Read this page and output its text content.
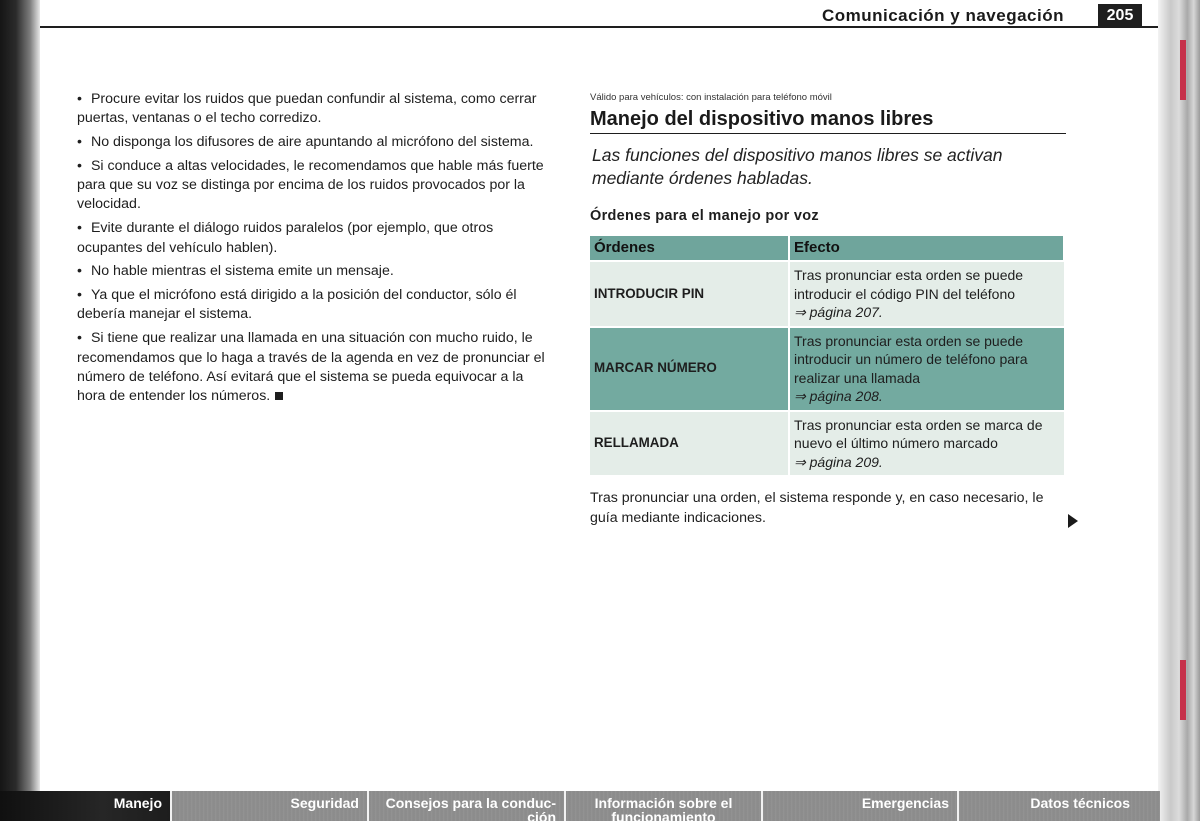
Comunicación y navegación	205

• Procure evitar los ruidos que puedan confundir al sistema, como cerrar puertas, ventanas o el techo corredizo.

• No disponga los difusores de aire apuntando al micrófono del sistema.

• Si conduce a altas velocidades, le recomendamos que hable más fuerte para que su voz se distinga por encima de los ruidos provocados por la velocidad.

• Evite durante el diálogo ruidos paralelos (por ejemplo, que otros ocupantes del vehículo hablen).

• No hable mientras el sistema emite un mensaje.

• Ya que el micrófono está dirigido a la posición del conductor, sólo él debería manejar el sistema.

• Si tiene que realizar una llamada en una situación con mucho ruido, le recomendamos que lo haga a través de la agenda en vez de pronunciar el número de teléfono. Así evitará que el sistema se pueda equivocar a la hora de entender los números.

Válido para vehículos: con instalación para teléfono móvil

Manejo del dispositivo manos libres

Las funciones del dispositivo manos libres se activan mediante órdenes habladas.

Órdenes para el manejo por voz
Órdenes	Efecto
INTRODUCIR PIN	Tras pronunciar esta orden se puede introducir el código PIN del teléfono
⇒ página 207.
MARCAR NÚMERO	Tras pronunciar esta orden se puede introducir un número de teléfono para realizar una llamada
⇒ página 208.
RELLAMADA	Tras pronunciar esta orden se marca de nuevo el último número marcado
⇒ página 209.

Tras pronunciar una orden, el sistema responde y, en caso necesario, le guía mediante indicaciones.

Manejo	Seguridad	Consejos para la conduc-
ción
Información sobre el
funcionamiento
Emergencias	Datos técnicos
